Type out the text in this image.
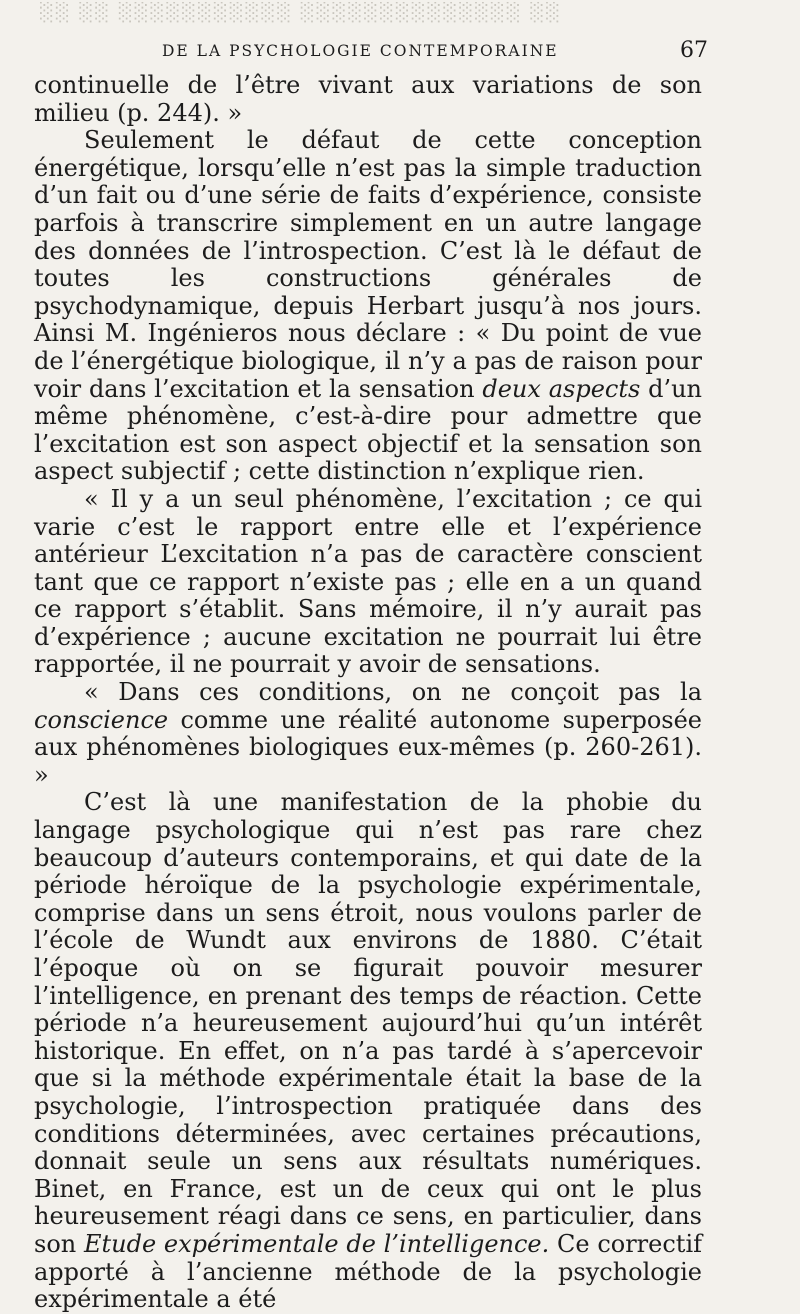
░░ ░░ ░░░░░░░░░░░ ░░░░░░░░░░░░░░ ░░
DE LA PSYCHOLOGIE CONTEMPORAINE	67

continuelle de l’être vivant aux variations de son milieu (p. 244). »

Seulement le défaut de cette conception énergétique, lorsqu’elle n’est pas la simple traduction d’un fait ou d’une série de faits d’expérience, consiste parfois à transcrire simplement en un autre langage des données de l’introspection. C’est là le défaut de toutes les constructions générales de psychodynamique, depuis Herbart jusqu’à nos jours. Ainsi M. Ingénieros nous déclare : « Du point de vue de l’énergétique biologique, il n’y a pas de raison pour voir dans l’excitation et la sensation deux aspects d’un même phénomène, c’est-à-dire pour admettre que l’excitation est son aspect objectif et la sensation son aspect subjectif ; cette distinction n’explique rien.

« Il y a un seul phénomène, l’excitation ; ce qui varie c’est le rapport entre elle et l’expérience antérieur L’excitation n’a pas de caractère conscient tant que ce rapport n’existe pas ; elle en a un quand ce rapport s’établit. Sans mémoire, il n’y aurait pas d’expérience ; aucune excitation ne pourrait lui être rapportée, il ne pourrait y avoir de sensations.

« Dans ces conditions, on ne conçoit pas la conscience comme une réalité autonome superposée aux phénomènes biologiques eux-mêmes (p. 260-261). »

C’est là une manifestation de la phobie du langage psychologique qui n’est pas rare chez beaucoup d’auteurs contemporains, et qui date de la période héroïque de la psychologie expérimentale, comprise dans un sens étroit, nous voulons parler de l’école de Wundt aux environs de 1880. C’était l’époque où on se figurait pouvoir mesurer l’intelligence, en prenant des temps de réaction. Cette période n’a heureusement aujourd’hui qu’un intérêt historique. En effet, on n’a pas tardé à s’apercevoir que si la méthode expérimentale était la base de la psychologie, l’introspection pratiquée dans des conditions déterminées, avec certaines précautions, donnait seule un sens aux résultats numériques. Binet, en France, est un de ceux qui ont le plus heureusement réagi dans ce sens, en particulier, dans son Etude expérimentale de l’intelligence. Ce correctif apporté à l’ancienne méthode de la psychologie expérimentale a été
